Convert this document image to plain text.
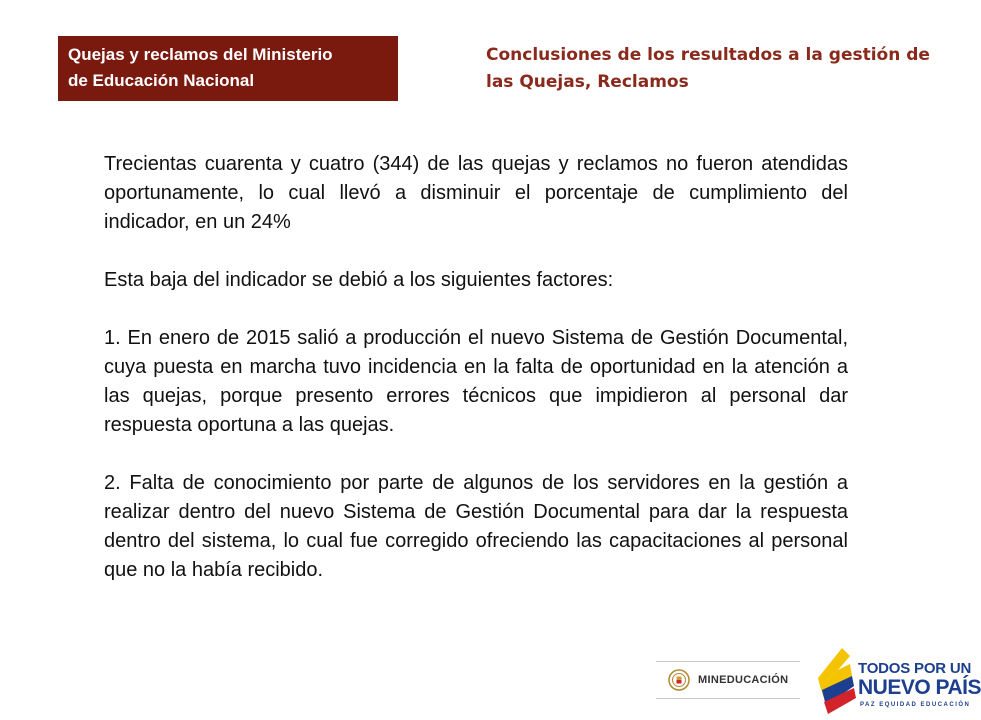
Quejas y reclamos del Ministerio
de Educación Nacional
Conclusiones de los resultados a la gestión de
las Quejas, Reclamos

Trecientas cuarenta y cuatro (344) de las quejas y reclamos no fueron atendidas oportunamente, lo cual llevó a disminuir el porcentaje de cumplimiento del indicador, en un 24%

Esta baja del indicador se debió a los siguientes factores:

1. En enero de 2015 salió a producción el nuevo Sistema de Gestión Documental, cuya puesta en marcha tuvo incidencia en la falta de oportunidad en la atención a las quejas, porque presento errores técnicos que impidieron al personal dar respuesta oportuna a las quejas.

2. Falta de conocimiento por parte de algunos de los servidores en la gestión a realizar dentro del nuevo Sistema de Gestión Documental para dar la respuesta dentro del sistema, lo cual fue corregido ofreciendo las capacitaciones al personal que no la había recibido.

MINEDUCACIÓN
TODOS POR UN
NUEVO PAÍS
PAZ EQUIDAD EDUCACIÓN
